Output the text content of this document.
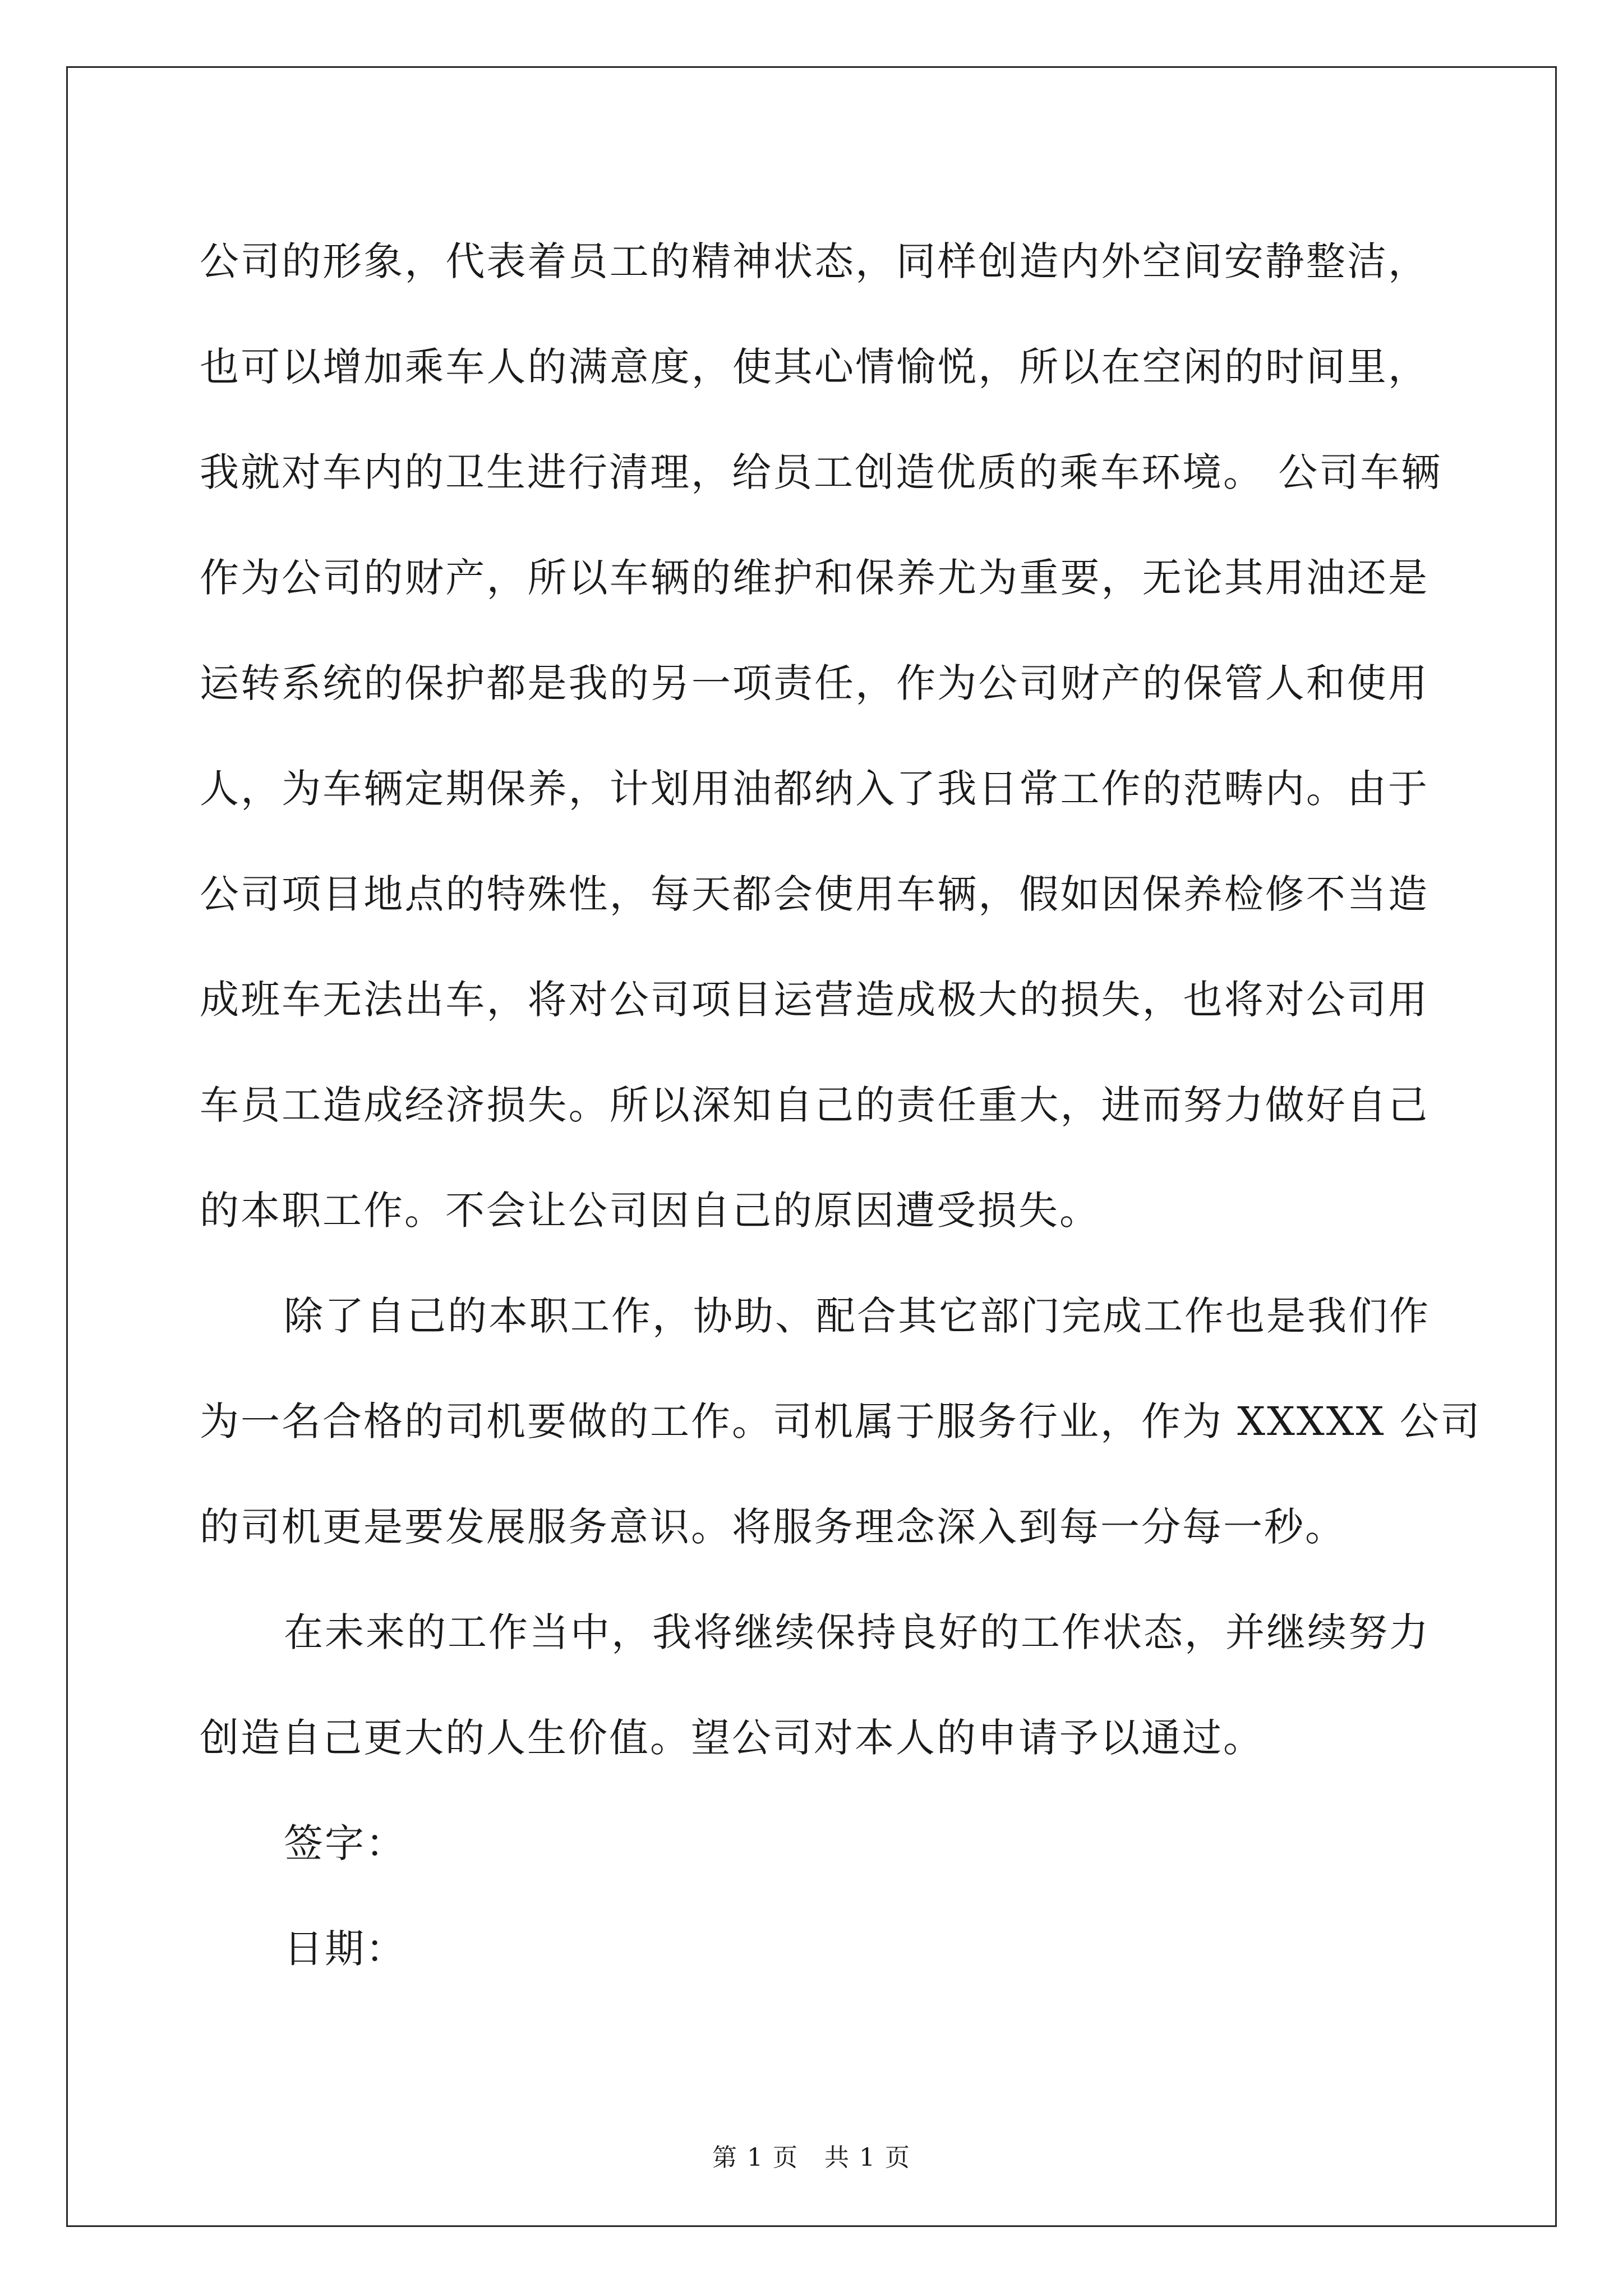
公司的形象，代表着员工的精神状态，同样创造内外空间安静整洁，
也可以增加乘车人的满意度，使其心情愉悦，所以在空闲的时间里，
我就对车内的卫生进行清理，给员工创造优质的乘车环境。 公司车辆
作为公司的财产，所以车辆的维护和保养尤为重要，无论其用油还是
运转系统的保护都是我的另一项责任，作为公司财产的保管人和使用
人，为车辆定期保养，计划用油都纳入了我日常工作的范畴内。由于
公司项目地点的特殊性，每天都会使用车辆，假如因保养检修不当造
成班车无法出车，将对公司项目运营造成极大的损失，也将对公司用
车员工造成经济损失。所以深知自己的责任重大，进而努力做好自己
的本职工作。不会让公司因自己的原因遭受损失。
除了自己的本职工作，协助、配合其它部门完成工作也是我们作
为一名合格的司机要做的工作。司机属于服务行业，作为 XXXXX 公司
的司机更是要发展服务意识。将服务理念深入到每一分每一秒。
在未来的工作当中，我将继续保持良好的工作状态，并继续努力
创造自己更大的人生价值。望公司对本人的申请予以通过。
签字：
日期：
第 1 页　共 1 页
